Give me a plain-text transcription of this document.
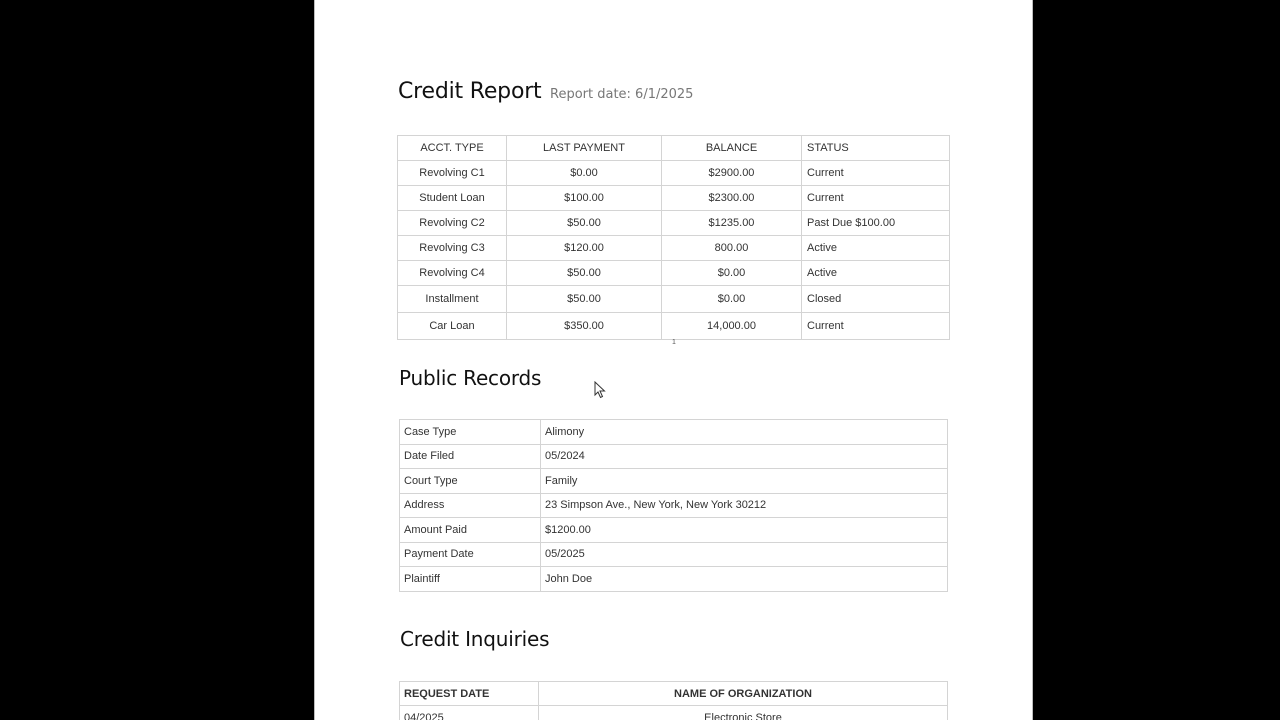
Credit Report Report date: 6/1/2025
ACCT. TYPE	LAST PAYMENT	BALANCE	STATUS
Revolving C1	$0.00	$2900.00	Current
Student Loan	$100.00	$2300.00	Current
Revolving C2	$50.00	$1235.00	Past Due $100.00
Revolving C3	$120.00	800.00	Active
Revolving C4	$50.00	$0.00	Active
Installment	$50.00	$0.00	Closed
Car Loan	$350.00	14,000.00	Current
1
Public Records
Case Type	Alimony
Date Filed	05/2024
Court Type	Family
Address	23 Simpson Ave., New York, New York 30212
Amount Paid	$1200.00
Payment Date	05/2025
Plaintiff	John Doe
Credit Inquiries
REQUEST DATE	NAME OF ORGANIZATION
04/2025	Electronic Store
